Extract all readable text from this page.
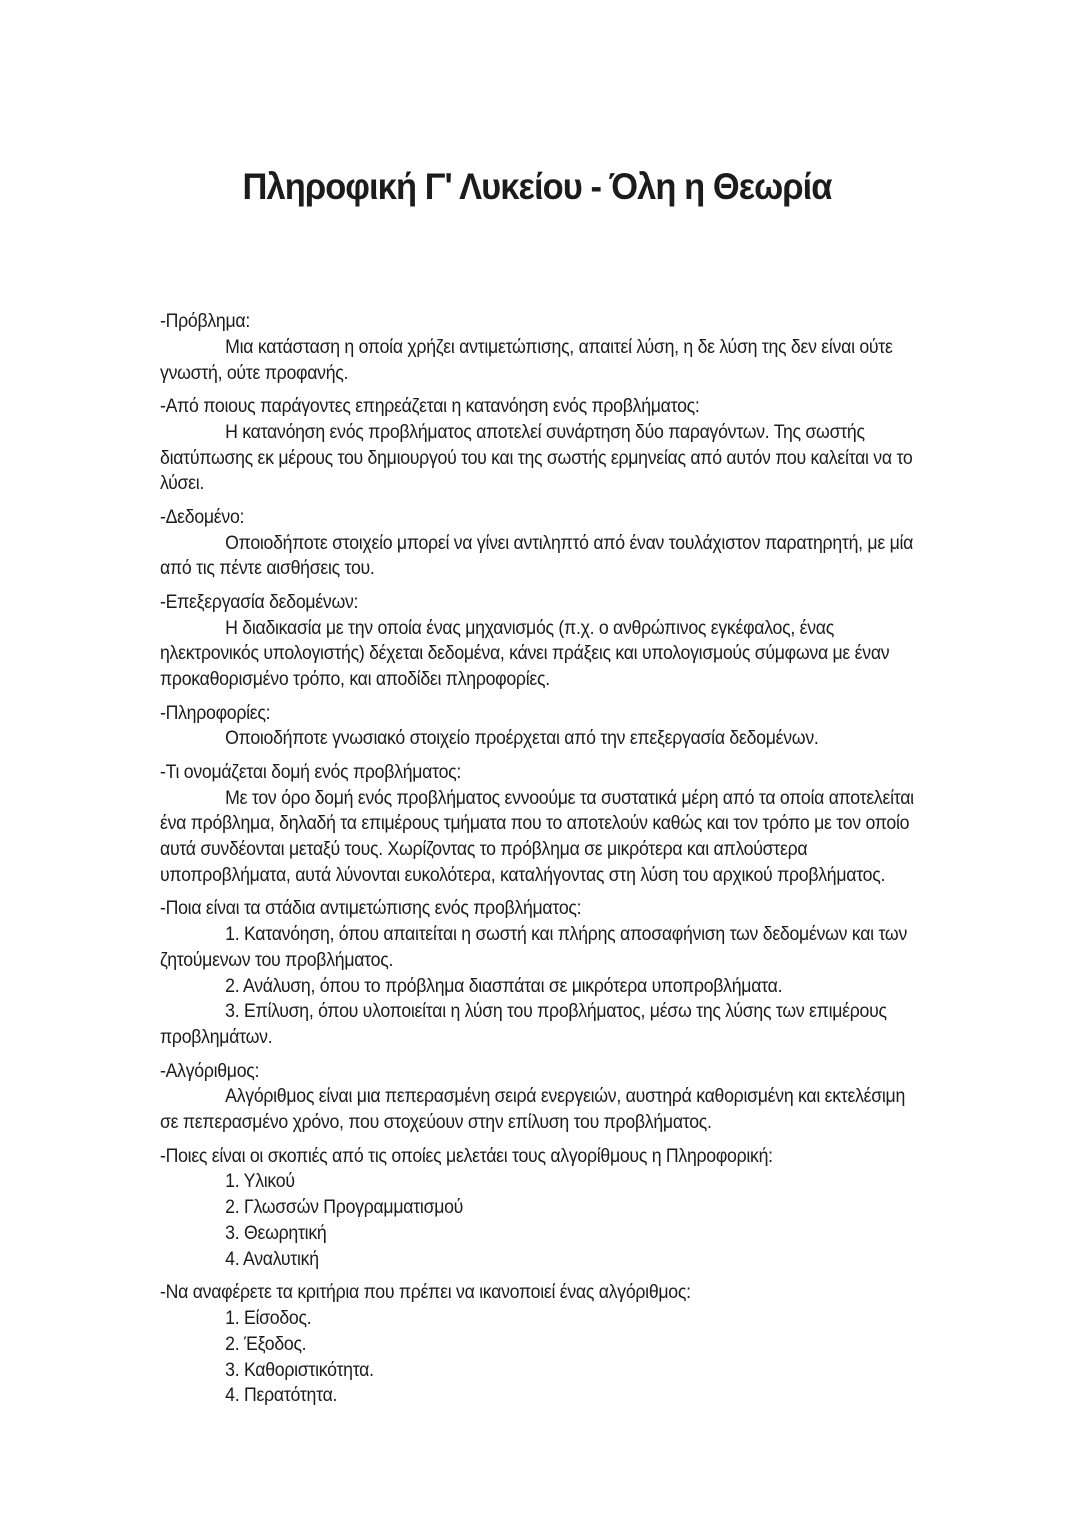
Πληροφική Γ' Λυκείου - Όλη η Θεωρία

-Πρόβλημα:

Μια κατάσταση η οποία χρήζει αντιμετώπισης, απαιτεί λύση, η δε λύση της δεν είναι ούτε γνωστή, ούτε προφανής.

-Από ποιους παράγοντες επηρεάζεται η κατανόηση ενός προβλήματος:

Η κατανόηση ενός προβλήματος αποτελεί συνάρτηση δύο παραγόντων. Της σωστής διατύπωσης εκ μέρους του δημιουργού του και της σωστής ερμηνείας από αυτόν που καλείται να το λύσει.

-Δεδομένο:

Οποιοδήποτε στοιχείο μπορεί να γίνει αντιληπτό από έναν τουλάχιστον παρατηρητή, με μία από τις πέντε αισθήσεις του.

-Επεξεργασία δεδομένων:

Η διαδικασία με την οποία ένας μηχανισμός (π.χ. ο ανθρώπινος εγκέφαλος, ένας ηλεκτρονικός υπολογιστής) δέχεται δεδομένα, κάνει πράξεις και υπολογισμούς σύμφωνα με έναν προκαθορισμένο τρόπο, και αποδίδει πληροφορίες.

-Πληροφορίες:

Οποιοδήποτε γνωσιακό στοιχείο προέρχεται από την επεξεργασία δεδομένων.

-Τι ονομάζεται δομή ενός προβλήματος:

Με τον όρο δομή ενός προβλήματος εννοούμε τα συστατικά μέρη από τα οποία αποτελείται ένα πρόβλημα, δηλαδή τα επιμέρους τμήματα που το αποτελούν καθώς και τον τρόπο με τον οποίο αυτά συνδέονται μεταξύ τους. Χωρίζοντας το πρόβλημα σε μικρότερα και απλούστερα υποπροβλήματα, αυτά λύνονται ευκολότερα, καταλήγοντας στη λύση του αρχικού προβλήματος.

-Ποια είναι τα στάδια αντιμετώπισης ενός προβλήματος:

1. Κατανόηση, όπου απαιτείται η σωστή και πλήρης αποσαφήνιση των δεδομένων και των ζητούμενων του προβλήματος.

2. Ανάλυση, όπου το πρόβλημα διασπάται σε μικρότερα υποπροβλήματα.

3. Επίλυση, όπου υλοποιείται η λύση του προβλήματος, μέσω της λύσης των επιμέρους προβλημάτων.

-Αλγόριθμος:

Αλγόριθμος είναι μια πεπερασμένη σειρά ενεργειών, αυστηρά καθορισμένη και εκτελέσιμη σε πεπερασμένο χρόνο, που στοχεύουν στην επίλυση του προβλήματος.

-Ποιες είναι οι σκοπιές από τις οποίες μελετάει τους αλγορίθμους η Πληροφορική:

1. Υλικού

2. Γλωσσών Προγραμματισμού

3. Θεωρητική

4. Αναλυτική

-Να αναφέρετε τα κριτήρια που πρέπει να ικανοποιεί ένας αλγόριθμος:

1. Είσοδος.

2. Έξοδος.

3. Καθοριστικότητα.

4. Περατότητα.
